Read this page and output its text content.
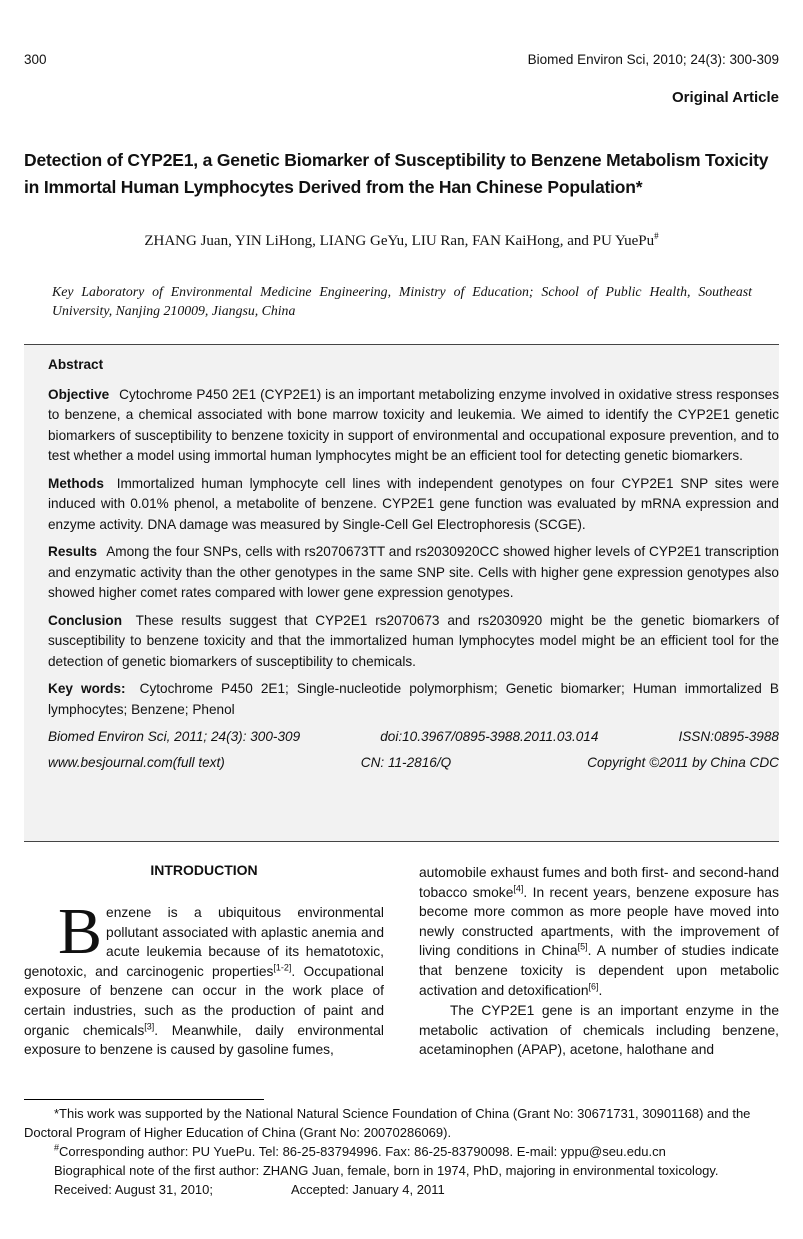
300	Biomed Environ Sci, 2010; 24(3): 300-309
Original Article
Detection of CYP2E1, a Genetic Biomarker of Susceptibility to Benzene Metabolism Toxicity in Immortal Human Lymphocytes Derived from the Han Chinese Population*
ZHANG Juan, YIN LiHong, LIANG GeYu, LIU Ran, FAN KaiHong, and PU YuePu#
Key Laboratory of Environmental Medicine Engineering, Ministry of Education; School of Public Health, Southeast University, Nanjing 210009, Jiangsu, China

Abstract

Objective Cytochrome P450 2E1 (CYP2E1) is an important metabolizing enzyme involved in oxidative stress responses to benzene, a chemical associated with bone marrow toxicity and leukemia. We aimed to identify the CYP2E1 genetic biomarkers of susceptibility to benzene toxicity in support of environmental and occupational exposure prevention, and to test whether a model using immortal human lymphocytes might be an efficient tool for detecting genetic biomarkers.

Methods Immortalized human lymphocyte cell lines with independent genotypes on four CYP2E1 SNP sites were induced with 0.01% phenol, a metabolite of benzene. CYP2E1 gene function was evaluated by mRNA expression and enzyme activity. DNA damage was measured by Single-Cell Gel Electrophoresis (SCGE).

Results Among the four SNPs, cells with rs2070673TT and rs2030920CC showed higher levels of CYP2E1 transcription and enzymatic activity than the other genotypes in the same SNP site. Cells with higher gene expression genotypes also showed higher comet rates compared with lower gene expression genotypes.

Conclusion These results suggest that CYP2E1 rs2070673 and rs2030920 might be the genetic biomarkers of susceptibility to benzene toxicity and that the immortalized human lymphocytes model might be an efficient tool for the detection of genetic biomarkers of susceptibility to chemicals.

Key words: Cytochrome P450 2E1; Single-nucleotide polymorphism; Genetic biomarker; Human immortalized B lymphocytes; Benzene; Phenol

Biomed Environ Sci, 2011; 24(3): 300-309	doi:10.3967/0895-3988.2011.03.014	ISSN:0895-3988
www.besjournal.com(full text)	CN: 11-2816/Q	Copyright ©2011 by China CDC
INTRODUCTION

Benzene is a ubiquitous environmental pollutant associated with aplastic anemia and acute leukemia because of its hematotoxic, genotoxic, and carcinogenic properties[1-2]. Occupational exposure of benzene can occur in the work place of certain industries, such as the production of paint and organic chemicals[3]. Meanwhile, daily environmental exposure to benzene is caused by gasoline fumes,

automobile exhaust fumes and both first- and second-hand tobacco smoke[4]. In recent years, benzene exposure has become more common as more people have moved into newly constructed apartments, with the improvement of living conditions in China[5]. A number of studies indicate that benzene toxicity is dependent upon metabolic activation and detoxification[6].

The CYP2E1 gene is an important enzyme in the metabolic activation of chemicals including benzene, acetaminophen (APAP), acetone, halothane and

*This work was supported by the National Natural Science Foundation of China (Grant No: 30671731, 30901168) and the Doctoral Program of Higher Education of China (Grant No: 20070286069).
#Corresponding author: PU YuePu. Tel: 86-25-83794996. Fax: 86-25-83790098. E-mail: yppu@seu.edu.cn
Biographical note of the first author: ZHANG Juan, female, born in 1974, PhD, majoring in environmental toxicology.
Received: August 31, 2010;	Accepted: January 4, 2011
